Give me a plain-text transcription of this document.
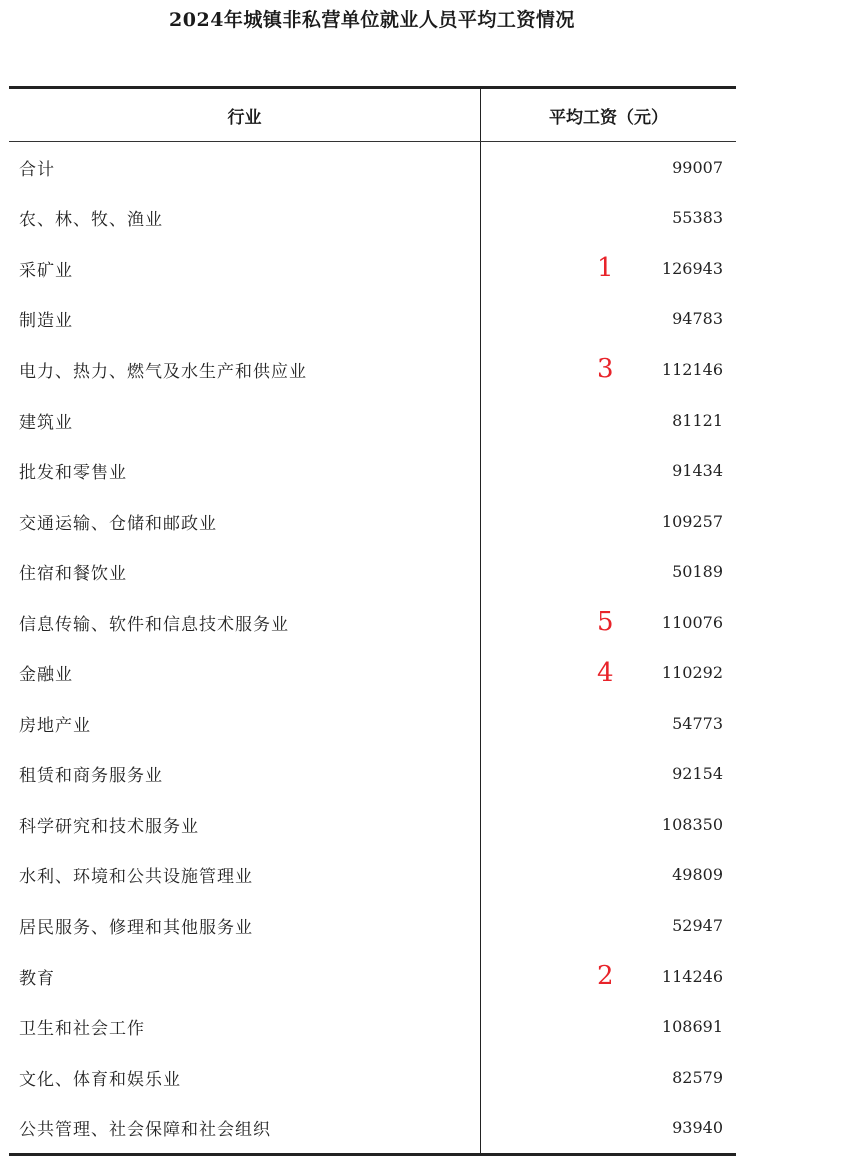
2024年城镇非私营单位就业人员平均工资情况
行业	平均工资（元）
合计	99007
农、林、牧、渔业	55383
采矿业	1	126943
制造业	94783
电力、热力、燃气及水生产和供应业	3	112146
建筑业	81121
批发和零售业	91434
交通运输、仓储和邮政业	109257
住宿和餐饮业	50189
信息传输、软件和信息技术服务业	5	110076
金融业	4	110292
房地产业	54773
租赁和商务服务业	92154
科学研究和技术服务业	108350
水利、环境和公共设施管理业	49809
居民服务、修理和其他服务业	52947
教育	2	114246
卫生和社会工作	108691
文化、体育和娱乐业	82579
公共管理、社会保障和社会组织	93940
